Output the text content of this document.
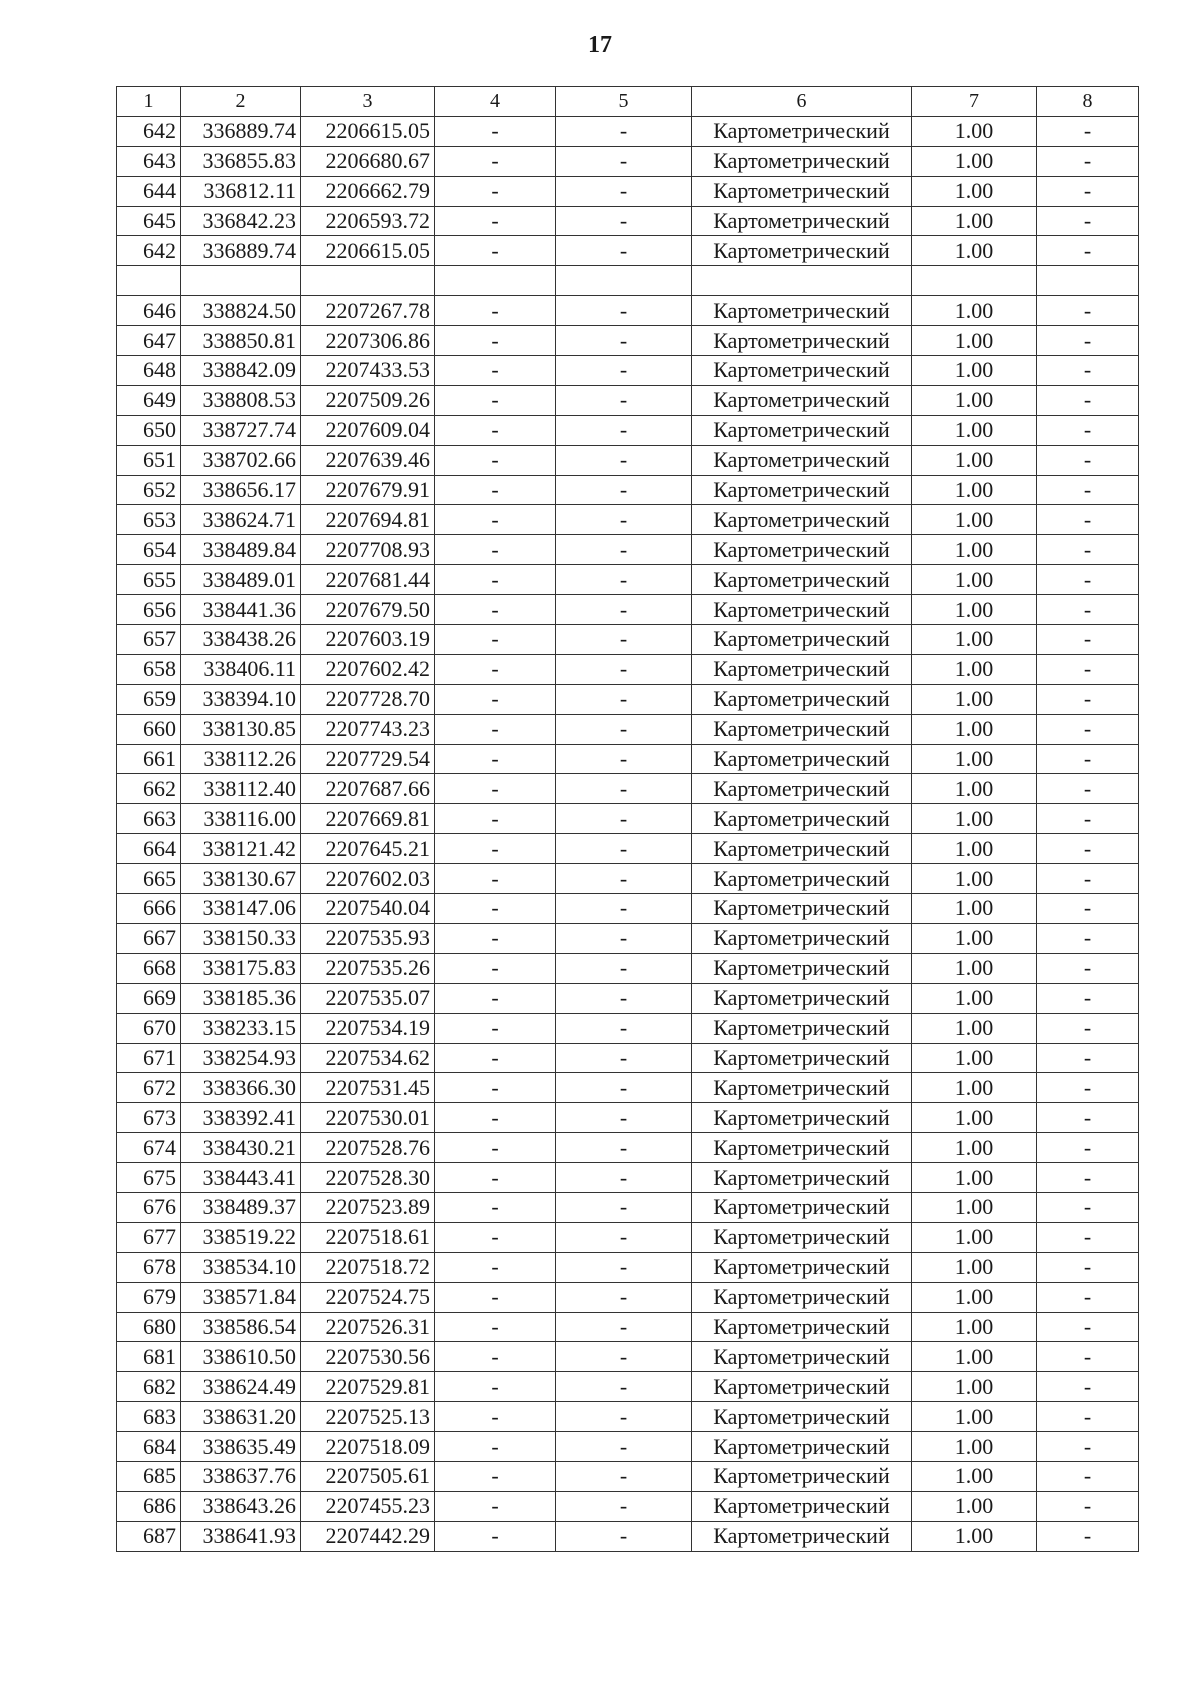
17
1	2	3	4	5	6	7	8
642	336889.74	2206615.05	-	-	Картометрический	1.00	-
643	336855.83	2206680.67	-	-	Картометрический	1.00	-
644	336812.11	2206662.79	-	-	Картометрический	1.00	-
645	336842.23	2206593.72	-	-	Картометрический	1.00	-
642	336889.74	2206615.05	-	-	Картометрический	1.00	-

646	338824.50	2207267.78	-	-	Картометрический	1.00	-
647	338850.81	2207306.86	-	-	Картометрический	1.00	-
648	338842.09	2207433.53	-	-	Картометрический	1.00	-
649	338808.53	2207509.26	-	-	Картометрический	1.00	-
650	338727.74	2207609.04	-	-	Картометрический	1.00	-
651	338702.66	2207639.46	-	-	Картометрический	1.00	-
652	338656.17	2207679.91	-	-	Картометрический	1.00	-
653	338624.71	2207694.81	-	-	Картометрический	1.00	-
654	338489.84	2207708.93	-	-	Картометрический	1.00	-
655	338489.01	2207681.44	-	-	Картометрический	1.00	-
656	338441.36	2207679.50	-	-	Картометрический	1.00	-
657	338438.26	2207603.19	-	-	Картометрический	1.00	-
658	338406.11	2207602.42	-	-	Картометрический	1.00	-
659	338394.10	2207728.70	-	-	Картометрический	1.00	-
660	338130.85	2207743.23	-	-	Картометрический	1.00	-
661	338112.26	2207729.54	-	-	Картометрический	1.00	-
662	338112.40	2207687.66	-	-	Картометрический	1.00	-
663	338116.00	2207669.81	-	-	Картометрический	1.00	-
664	338121.42	2207645.21	-	-	Картометрический	1.00	-
665	338130.67	2207602.03	-	-	Картометрический	1.00	-
666	338147.06	2207540.04	-	-	Картометрический	1.00	-
667	338150.33	2207535.93	-	-	Картометрический	1.00	-
668	338175.83	2207535.26	-	-	Картометрический	1.00	-
669	338185.36	2207535.07	-	-	Картометрический	1.00	-
670	338233.15	2207534.19	-	-	Картометрический	1.00	-
671	338254.93	2207534.62	-	-	Картометрический	1.00	-
672	338366.30	2207531.45	-	-	Картометрический	1.00	-
673	338392.41	2207530.01	-	-	Картометрический	1.00	-
674	338430.21	2207528.76	-	-	Картометрический	1.00	-
675	338443.41	2207528.30	-	-	Картометрический	1.00	-
676	338489.37	2207523.89	-	-	Картометрический	1.00	-
677	338519.22	2207518.61	-	-	Картометрический	1.00	-
678	338534.10	2207518.72	-	-	Картометрический	1.00	-
679	338571.84	2207524.75	-	-	Картометрический	1.00	-
680	338586.54	2207526.31	-	-	Картометрический	1.00	-
681	338610.50	2207530.56	-	-	Картометрический	1.00	-
682	338624.49	2207529.81	-	-	Картометрический	1.00	-
683	338631.20	2207525.13	-	-	Картометрический	1.00	-
684	338635.49	2207518.09	-	-	Картометрический	1.00	-
685	338637.76	2207505.61	-	-	Картометрический	1.00	-
686	338643.26	2207455.23	-	-	Картометрический	1.00	-
687	338641.93	2207442.29	-	-	Картометрический	1.00	-
